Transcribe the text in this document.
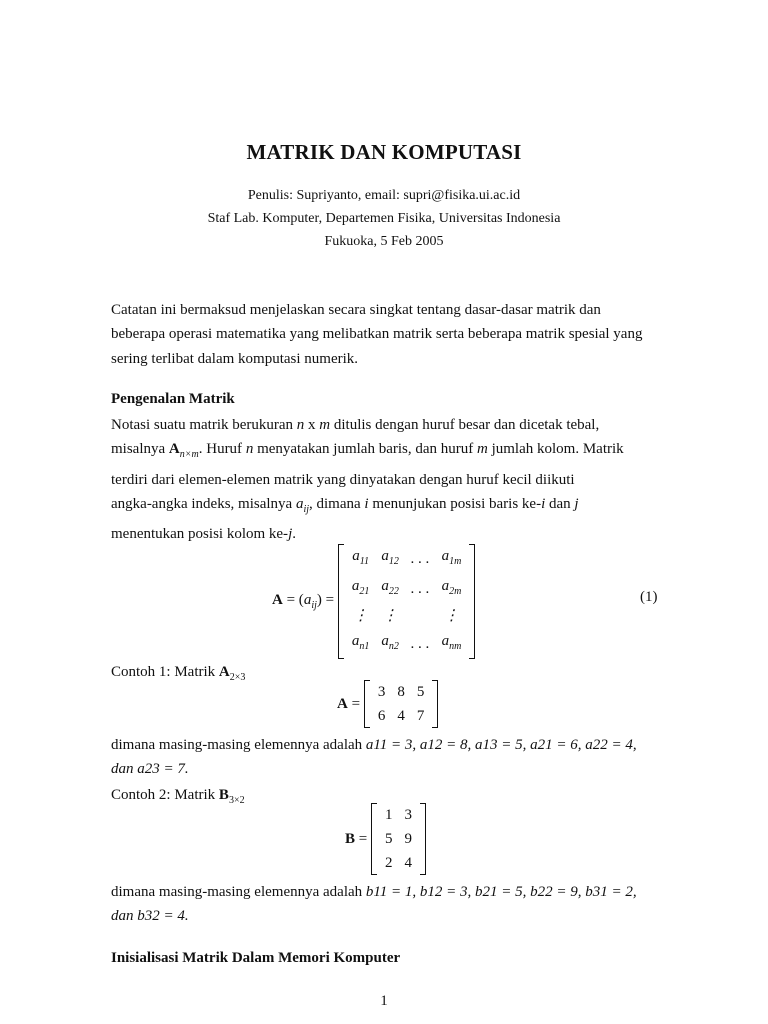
MATRIK DAN KOMPUTASI
Penulis: Supriyanto, email: supri@fisika.ui.ac.id
Staf Lab. Komputer, Departemen Fisika, Universitas Indonesia
Fukuoka, 5 Feb 2005
Catatan ini bermaksud menjelaskan secara singkat tentang dasar-dasar matrik dan
beberapa operasi matematika yang melibatkan matrik serta beberapa matrik spesial yang
sering terlibat dalam komputasi numerik.
Pengenalan Matrik
Notasi suatu matrik berukuran n x m ditulis dengan huruf besar dan dicetak tebal,
misalnya $A_{n\times m}$. Huruf n menyatakan jumlah baris, dan huruf m jumlah kolom. Matrik
terdiri dari elemen-elemen matrik yang dinyatakan dengan huruf kecil diikuti
angka-angka indeks, misalnya $a_{ij}$, dimana i menunjukan posisi baris ke-i dan j
menentukan posisi kolom ke-j.
$A = (a_{ij})$ =
$a_{11}$	$a_{12}$	. . .	$a_{1m}$
$a_{21}$	$a_{22}$	. . .	$a_{2m}$
⋮	⋮		⋮
$a_{n1}$	$a_{n2}$	. . .	$a_{nm}$
(1)
Contoh 1: Matrik $A_{2\times 3}$
A =
3	8	5
6	4	7
dimana masing-masing elemennya adalah a11 = 3, a12 = 8, a13 = 5, a21 = 6, a22 = 4,
dan a23 = 7.
Contoh 2: Matrik $B_{3\times 2}$
B =
1	3
5	9
2	4
dimana masing-masing elemennya adalah b11 = 1, b12 = 3, b21 = 5, b22 = 9, b31 = 2,
dan b32 = 4.
Inisialisasi Matrik Dalam Memori Komputer
1
